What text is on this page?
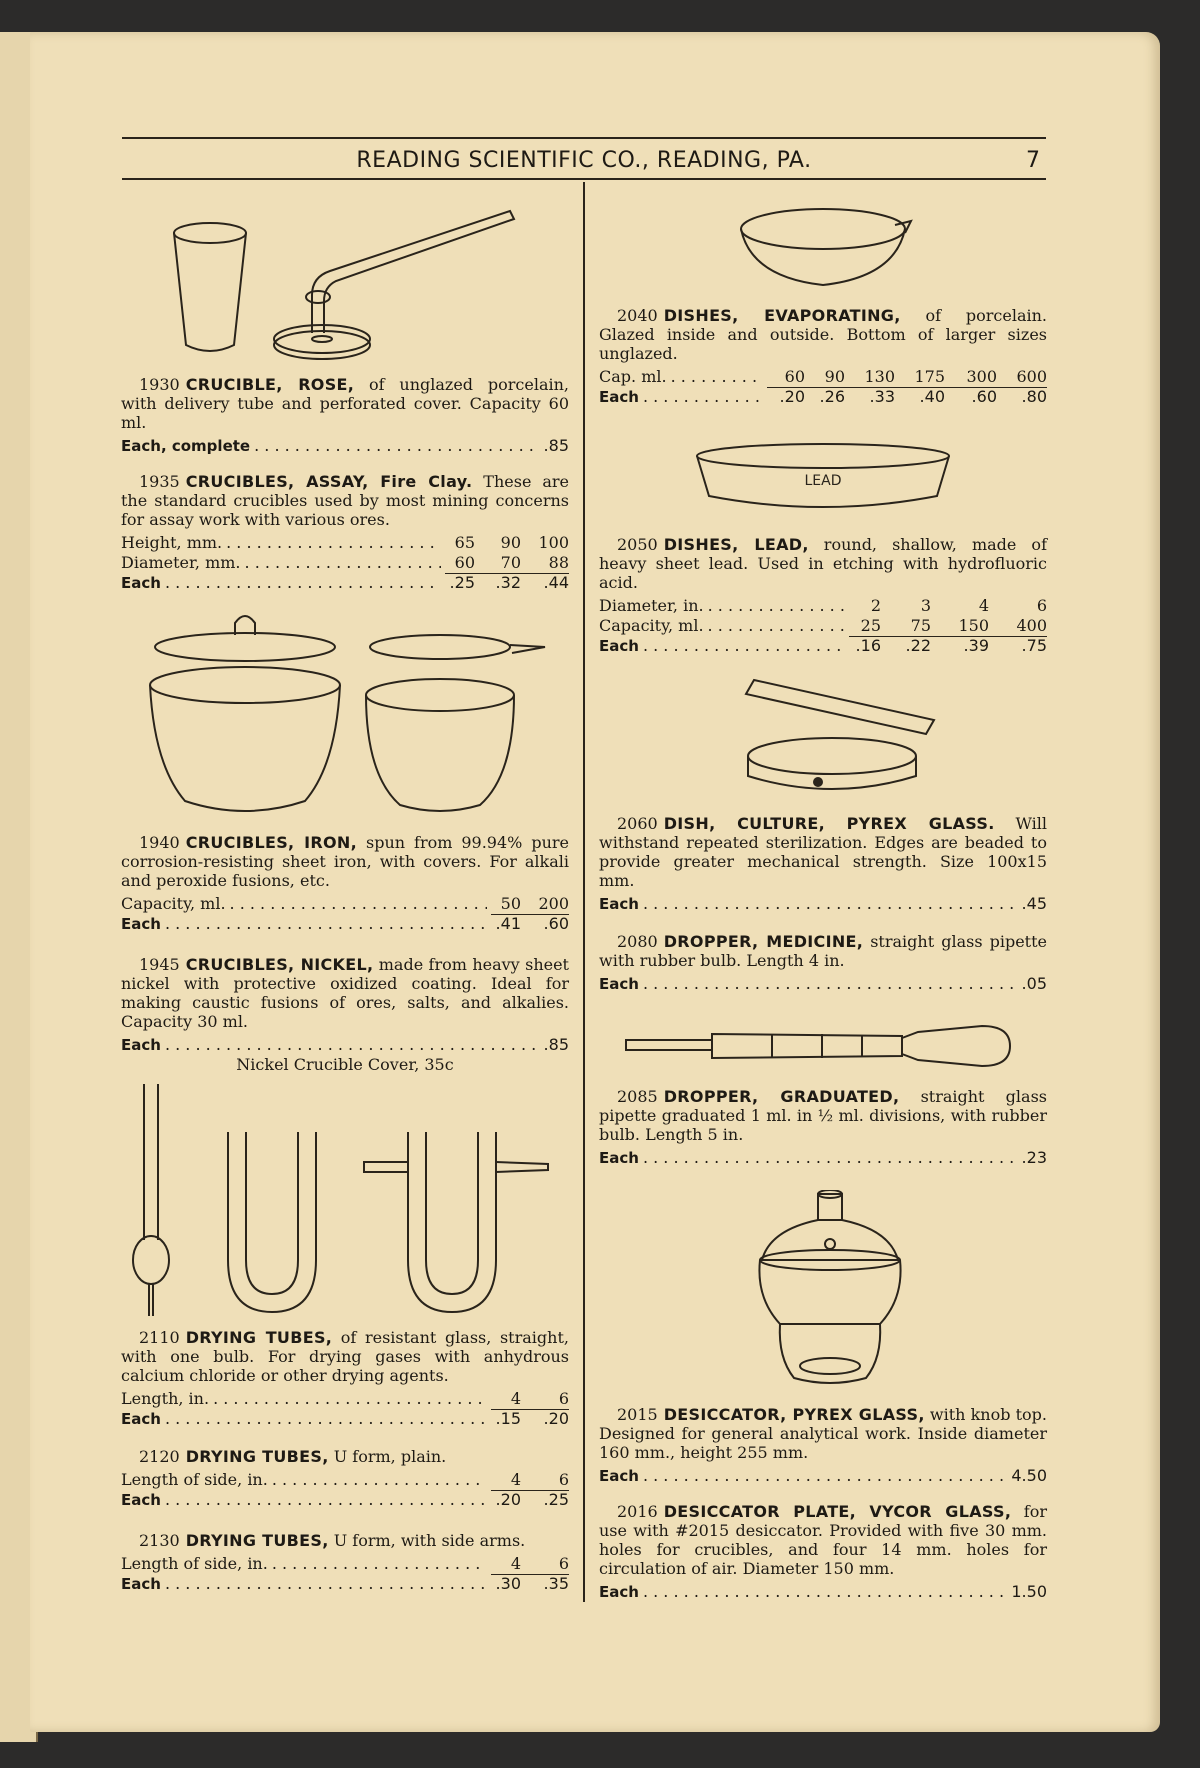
READING SCIENTIFIC CO., READING, PA.	7

1930 CRUCIBLE, ROSE, of unglazed porcelain, with delivery tube and perforated cover. Capacity 60 ml.

Each, complete . . .	.85

1935 CRUCIBLES, ASSAY, Fire Clay. These are the standard crucibles used by most mining concerns for assay work with various ores.

Height, mm. . . .	65	90	100
Diameter, mm. . . .	60	70	88
Each . . .	.25	.32	.44

1940 CRUCIBLES, IRON, spun from 99.94% pure corrosion-resisting sheet iron, with covers. For alkali and peroxide fusions, etc.

Capacity, ml. . . .	50	200
Each . . .	.41	.60

1945 CRUCIBLES, NICKEL, made from heavy sheet nickel with protective oxidized coating. Ideal for making caustic fusions of ores, salts, and alkalies. Capacity 30 ml.

Each . . .	.85
Nickel Crucible Cover, 35c

2110 DRYING TUBES, of resistant glass, straight, with one bulb. For drying gases with anhydrous calcium chloride or other drying agents.

Length, in. . . .	4	6
Each . . .	.15	.20

2120 DRYING TUBES, U form, plain.

Length of side, in. . . .	4	6
Each . . .	.20	.25

2130 DRYING TUBES, U form, with side arms.

Length of side, in. . . .	4	6
Each . . .	.30	.35

2040 DISHES, EVAPORATING, of porcelain. Glazed inside and outside. Bottom of larger sizes unglazed.

Cap. ml. . . .	60	90	130	175	300	600
Each . . .	.20 .26	.33	.40	.60	.80
LEAD

2050 DISHES, LEAD, round, shallow, made of heavy sheet lead. Used in etching with hydrofluoric acid.

Diameter, in. . . .	2	3	4	6
Capacity, ml. . . .	25	75	150	400
Each . . .	.16	.22	.39	.75

2060 DISH, CULTURE, PYREX GLASS. Will withstand repeated sterilization. Edges are beaded to provide greater mechanical strength. Size 100x15 mm.

Each . . .	.45

2080 DROPPER, MEDICINE, straight glass pipette with rubber bulb. Length 4 in.

Each . . .	.05

2085 DROPPER, GRADUATED, straight glass pipette graduated 1 ml. in ½ ml. divisions, with rubber bulb. Length 5 in.

Each . . .	.23

2015 DESICCATOR, PYREX GLASS, with knob top. Designed for general analytical work. Inside diameter 160 mm., height 255 mm.

Each . . .	4.50

2016 DESICCATOR PLATE, VYCOR GLASS, for use with #2015 desiccator. Provided with five 30 mm. holes for crucibles, and four 14 mm. holes for circulation of air. Diameter 150 mm.

Each . . .	1.50
